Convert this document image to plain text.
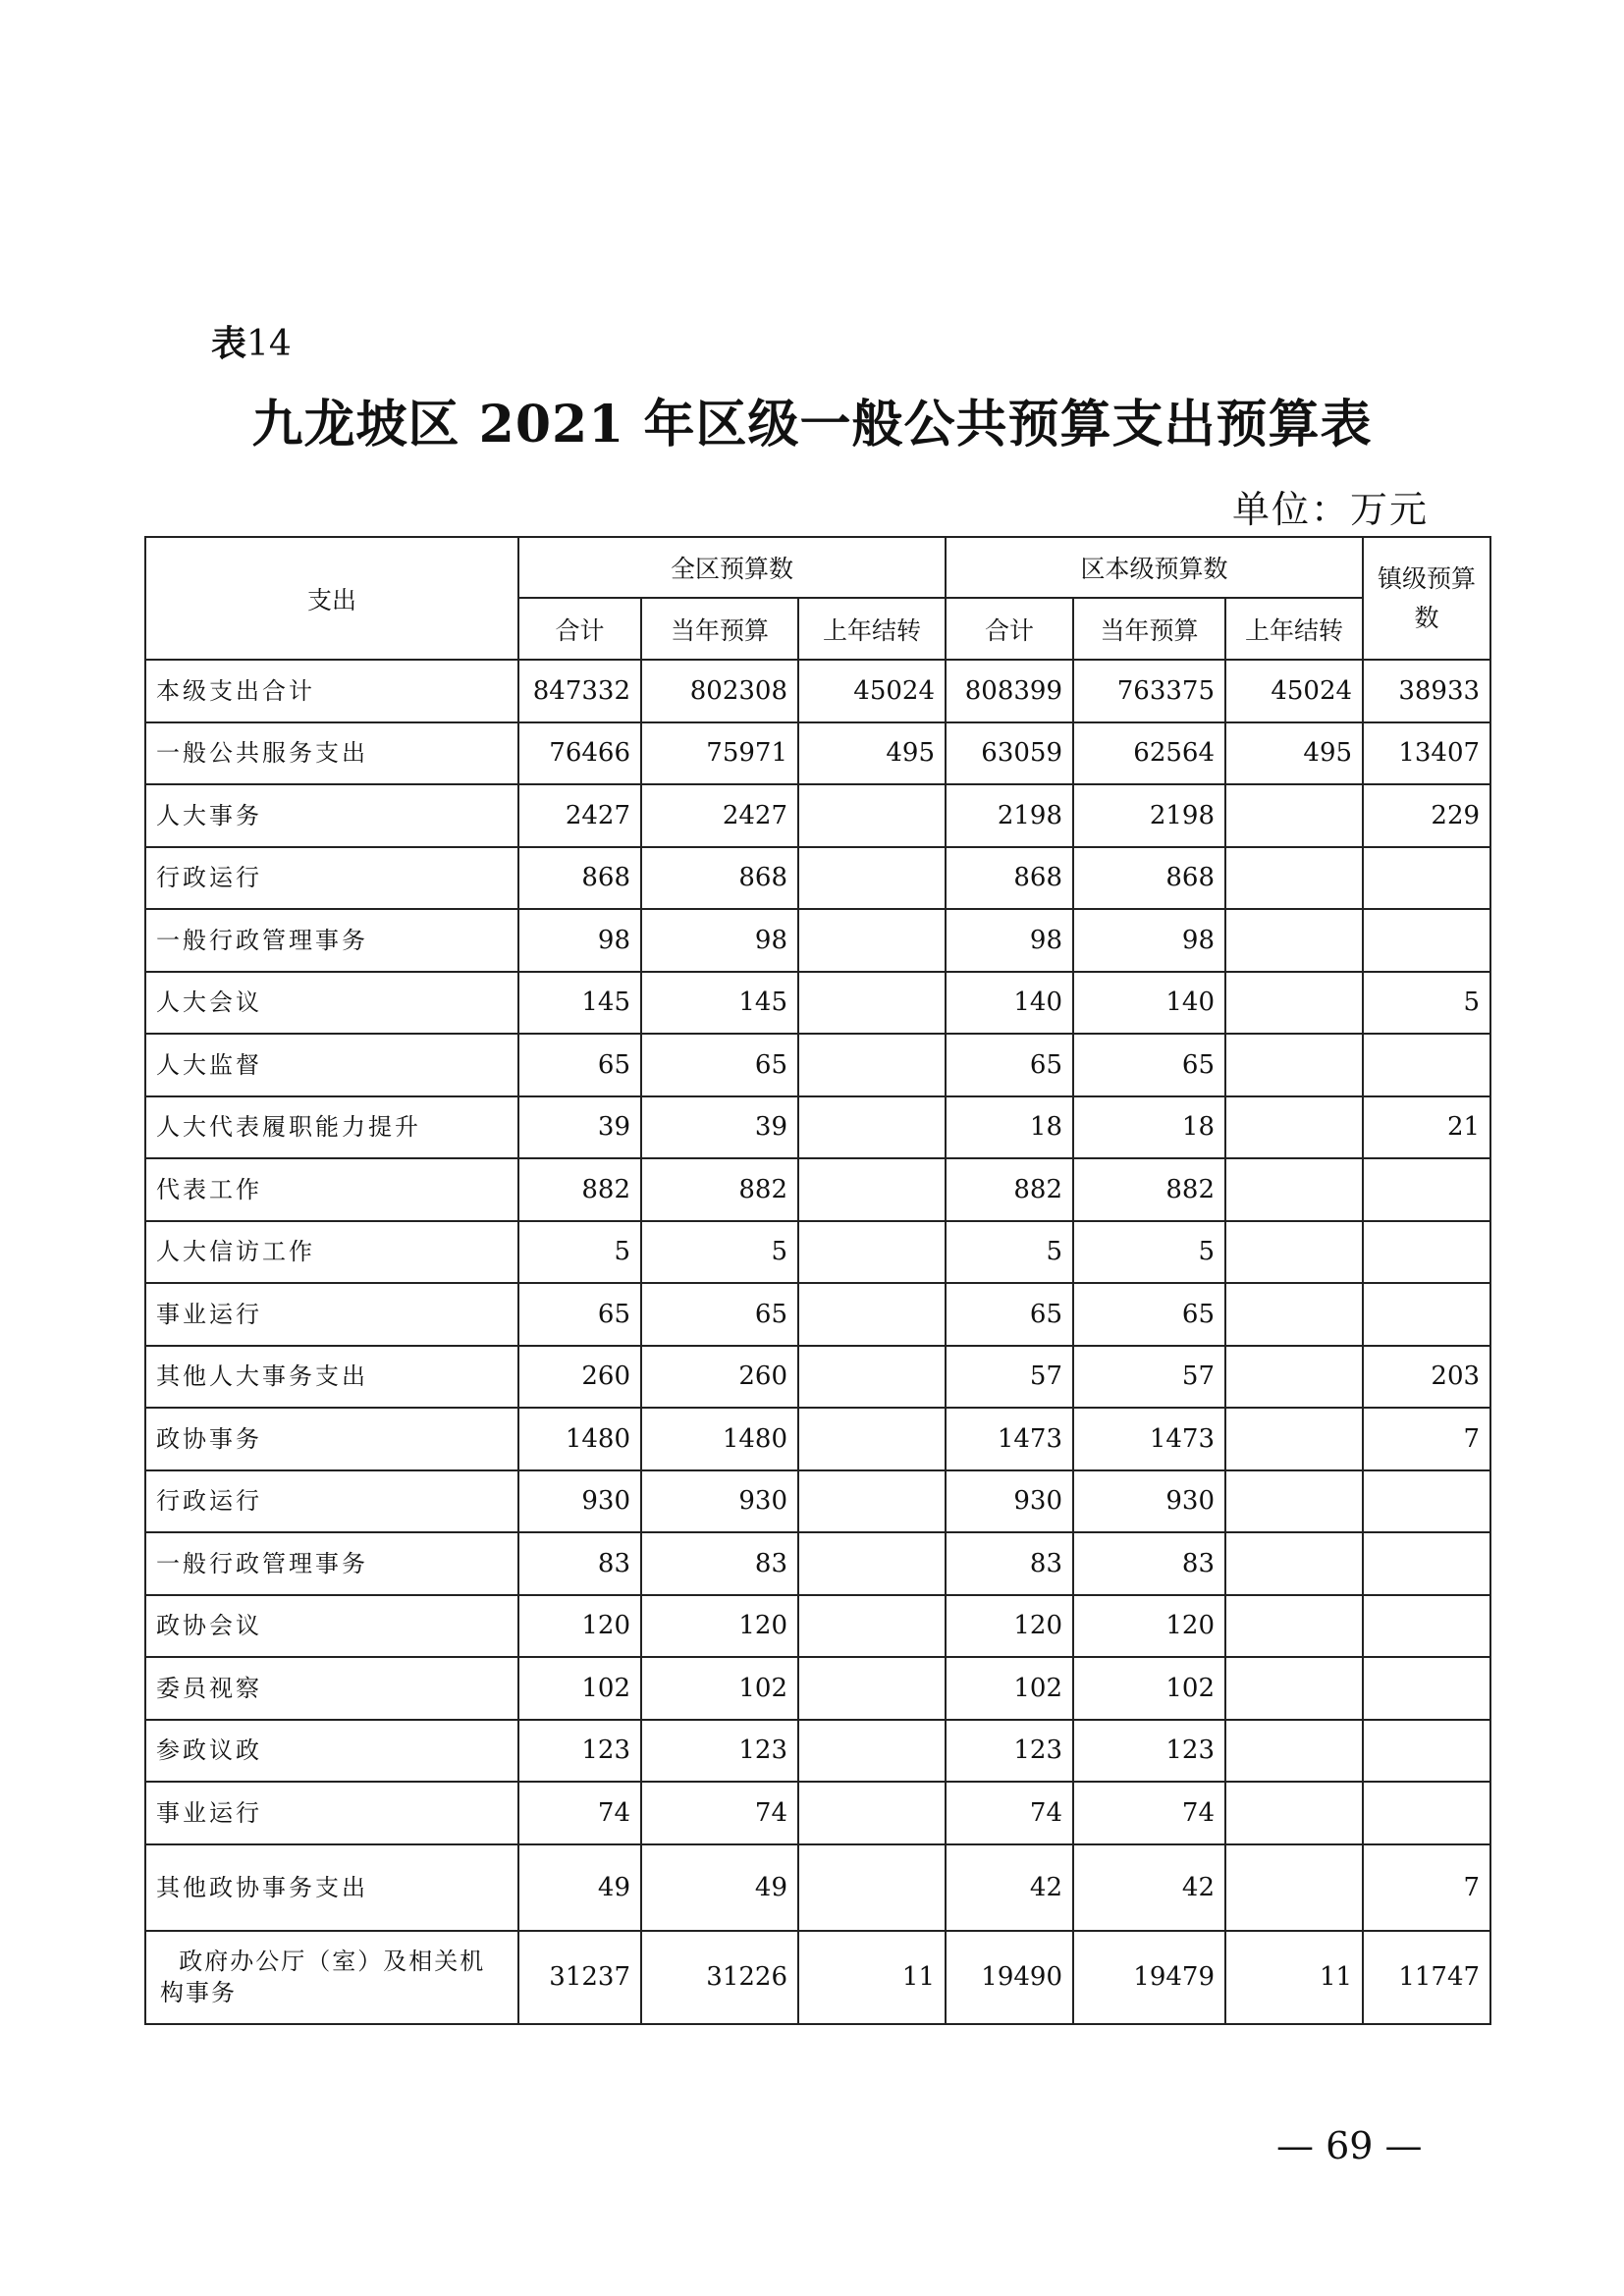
表14
九龙坡区 2021 年区级一般公共预算支出预算表
单位：万元
支出	全区预算数			区本级预算数			镇级预算数
	合计	当年预算	上年结转	合计	当年预算	上年结转	
本级支出合计	847332	802308	45024	808399	763375	45024	38933
一般公共服务支出	76466	75971	495	63059	62564	495	13407
人大事务	2427	2427		2198	2198		229
行政运行	868	868		868	868		
一般行政管理事务	98	98		98	98		
人大会议	145	145		140	140		5
人大监督	65	65		65	65		
人大代表履职能力提升	39	39		18	18		21
代表工作	882	882		882	882		
人大信访工作	5	5		5	5		
事业运行	65	65		65	65		
其他人大事务支出	260	260		57	57		203
政协事务	1480	1480		1473	1473		7
行政运行	930	930		930	930		
一般行政管理事务	83	83		83	83		
政协会议	120	120		120	120		
委员视察	102	102		102	102		
参政议政	123	123		123	123		
事业运行	74	74		74	74		
其他政协事务支出	49	49		42	42		7
政府办公厅（室）及相关机构事务	31237	31226	11	19490	19479	11	11747
— 69 —
